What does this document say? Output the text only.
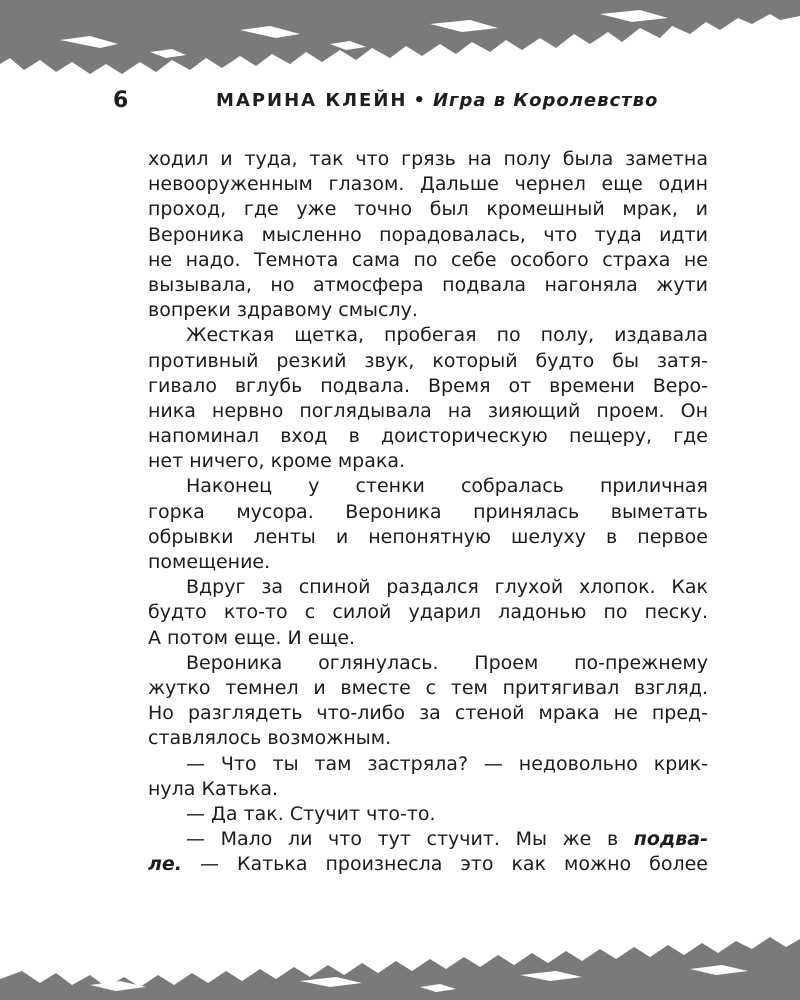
6	МАРИНА КЛЕЙН • Игра в Королевство
ходил и туда, так что грязь на полу была заметна
невооруженным глазом. Дальше чернел еще один
проход, где уже точно был кромешный мрак, и
Вероника мысленно порадовалась, что туда идти
не надо. Темнота сама по себе особого страха не
вызывала, но атмосфера подвала нагоняла жути
вопреки здравому смыслу.
Жесткая щетка, пробегая по полу, издавала
противный резкий звук, который будто бы затя-
гивало вглубь подвала. Время от времени Веро-
ника нервно поглядывала на зияющий проем. Он
напоминал вход в доисторическую пещеру, где
нет ничего, кроме мрака.
Наконец у стенки собралась приличная
горка мусора. Вероника принялась выметать
обрывки ленты и непонятную шелуху в первое
помещение.
Вдруг за спиной раздался глухой хлопок. Как
будто кто-то с силой ударил ладонью по песку.
А потом еще. И еще.
Вероника оглянулась. Проем по-прежнему
жутко темнел и вместе с тем притягивал взгляд.
Но разглядеть что-либо за стеной мрака не пред-
ставлялось возможным.
— Что ты там застряла? — недовольно крик-
нула Катька.
— Да так. Стучит что-то.
— Мало ли что тут стучит. Мы же в подва-
ле. — Катька произнесла это как можно более
